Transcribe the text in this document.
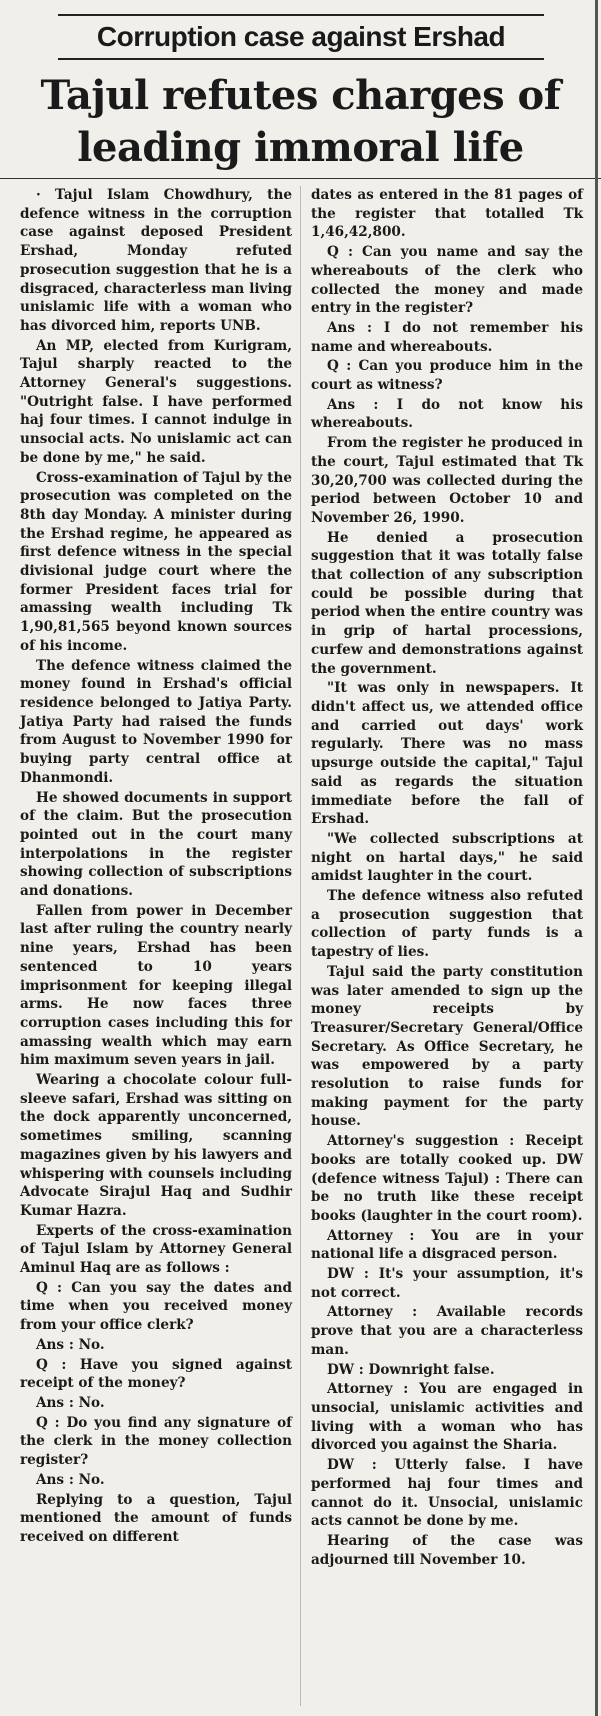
Corruption case against Ershad
Tajul refutes charges of leading immoral life

· Tajul Islam Chowdhury, the defence witness in the corruption case against deposed President Ershad, Monday refuted prosecution suggestion that he is a disgraced, characterless man living unislamic life with a woman who has divorced him, reports UNB.

An MP, elected from Kurigram, Tajul sharply reacted to the Attorney General's suggestions. "Outright false. I have performed haj four times. I cannot indulge in unsocial acts. No unislamic act can be done by me," he said.

Cross-examination of Tajul by the prosecution was completed on the 8th day Monday. A minister during the Ershad regime, he appeared as first defence witness in the special divisional judge court where the former President faces trial for amassing wealth including Tk 1,90,81,565 beyond known sources of his income.

The defence witness claimed the money found in Ershad's official residence belonged to Jatiya Party. Jatiya Party had raised the funds from August to November 1990 for buying party central office at Dhanmondi.

He showed documents in support of the claim. But the prosecution pointed out in the court many interpolations in the register showing collection of subscriptions and donations.

Fallen from power in December last after ruling the country nearly nine years, Ershad has been sentenced to 10 years imprisonment for keeping illegal arms. He now faces three corruption cases including this for amassing wealth which may earn him maximum seven years in jail.

Wearing a chocolate colour full-sleeve safari, Ershad was sitting on the dock apparently unconcerned, sometimes smiling, scanning magazines given by his lawyers and whispering with counsels including Advocate Sirajul Haq and Sudhir Kumar Hazra.

Experts of the cross-examination of Tajul Islam by Attorney General Aminul Haq are as follows :

Q : Can you say the dates and time when you received money from your office clerk?

Ans : No.

Q : Have you signed against receipt of the money?

Ans : No.

Q : Do you find any signature of the clerk in the money collection register?

Ans : No.

Replying to a question, Tajul mentioned the amount of funds received on different

dates as entered in the 81 pages of the register that totalled Tk 1,46,42,800.

Q : Can you name and say the whereabouts of the clerk who collected the money and made entry in the register?

Ans : I do not remember his name and whereabouts.

Q : Can you produce him in the court as witness?

Ans : I do not know his whereabouts.

From the register he produced in the court, Tajul estimated that Tk 30,20,700 was collected during the period between October 10 and November 26, 1990.

He denied a prosecution suggestion that it was totally false that collection of any subscription could be possible during that period when the entire country was in grip of hartal processions, curfew and demonstrations against the government.

"It was only in newspapers. It didn't affect us, we attended office and carried out days' work regularly. There was no mass upsurge outside the capital," Tajul said as regards the situation immediate before the fall of Ershad.

"We collected subscriptions at night on hartal days," he said amidst laughter in the court.

The defence witness also refuted a prosecution suggestion that collection of party funds is a tapestry of lies.

Tajul said the party constitution was later amended to sign up the money receipts by Treasurer/Secretary General/Office Secretary. As Office Secretary, he was empowered by a party resolution to raise funds for making payment for the party house.

Attorney's suggestion : Receipt books are totally cooked up. DW (defence witness Tajul) : There can be no truth like these receipt books (laughter in the court room).

Attorney : You are in your national life a disgraced person.

DW : It's your assumption, it's not correct.

Attorney : Available records prove that you are a characterless man.

DW : Downright false.

Attorney : You are engaged in unsocial, unislamic activities and living with a woman who has divorced you against the Sharia.

DW : Utterly false. I have performed haj four times and cannot do it. Unsocial, unislamic acts cannot be done by me.

Hearing of the case was adjourned till November 10.
